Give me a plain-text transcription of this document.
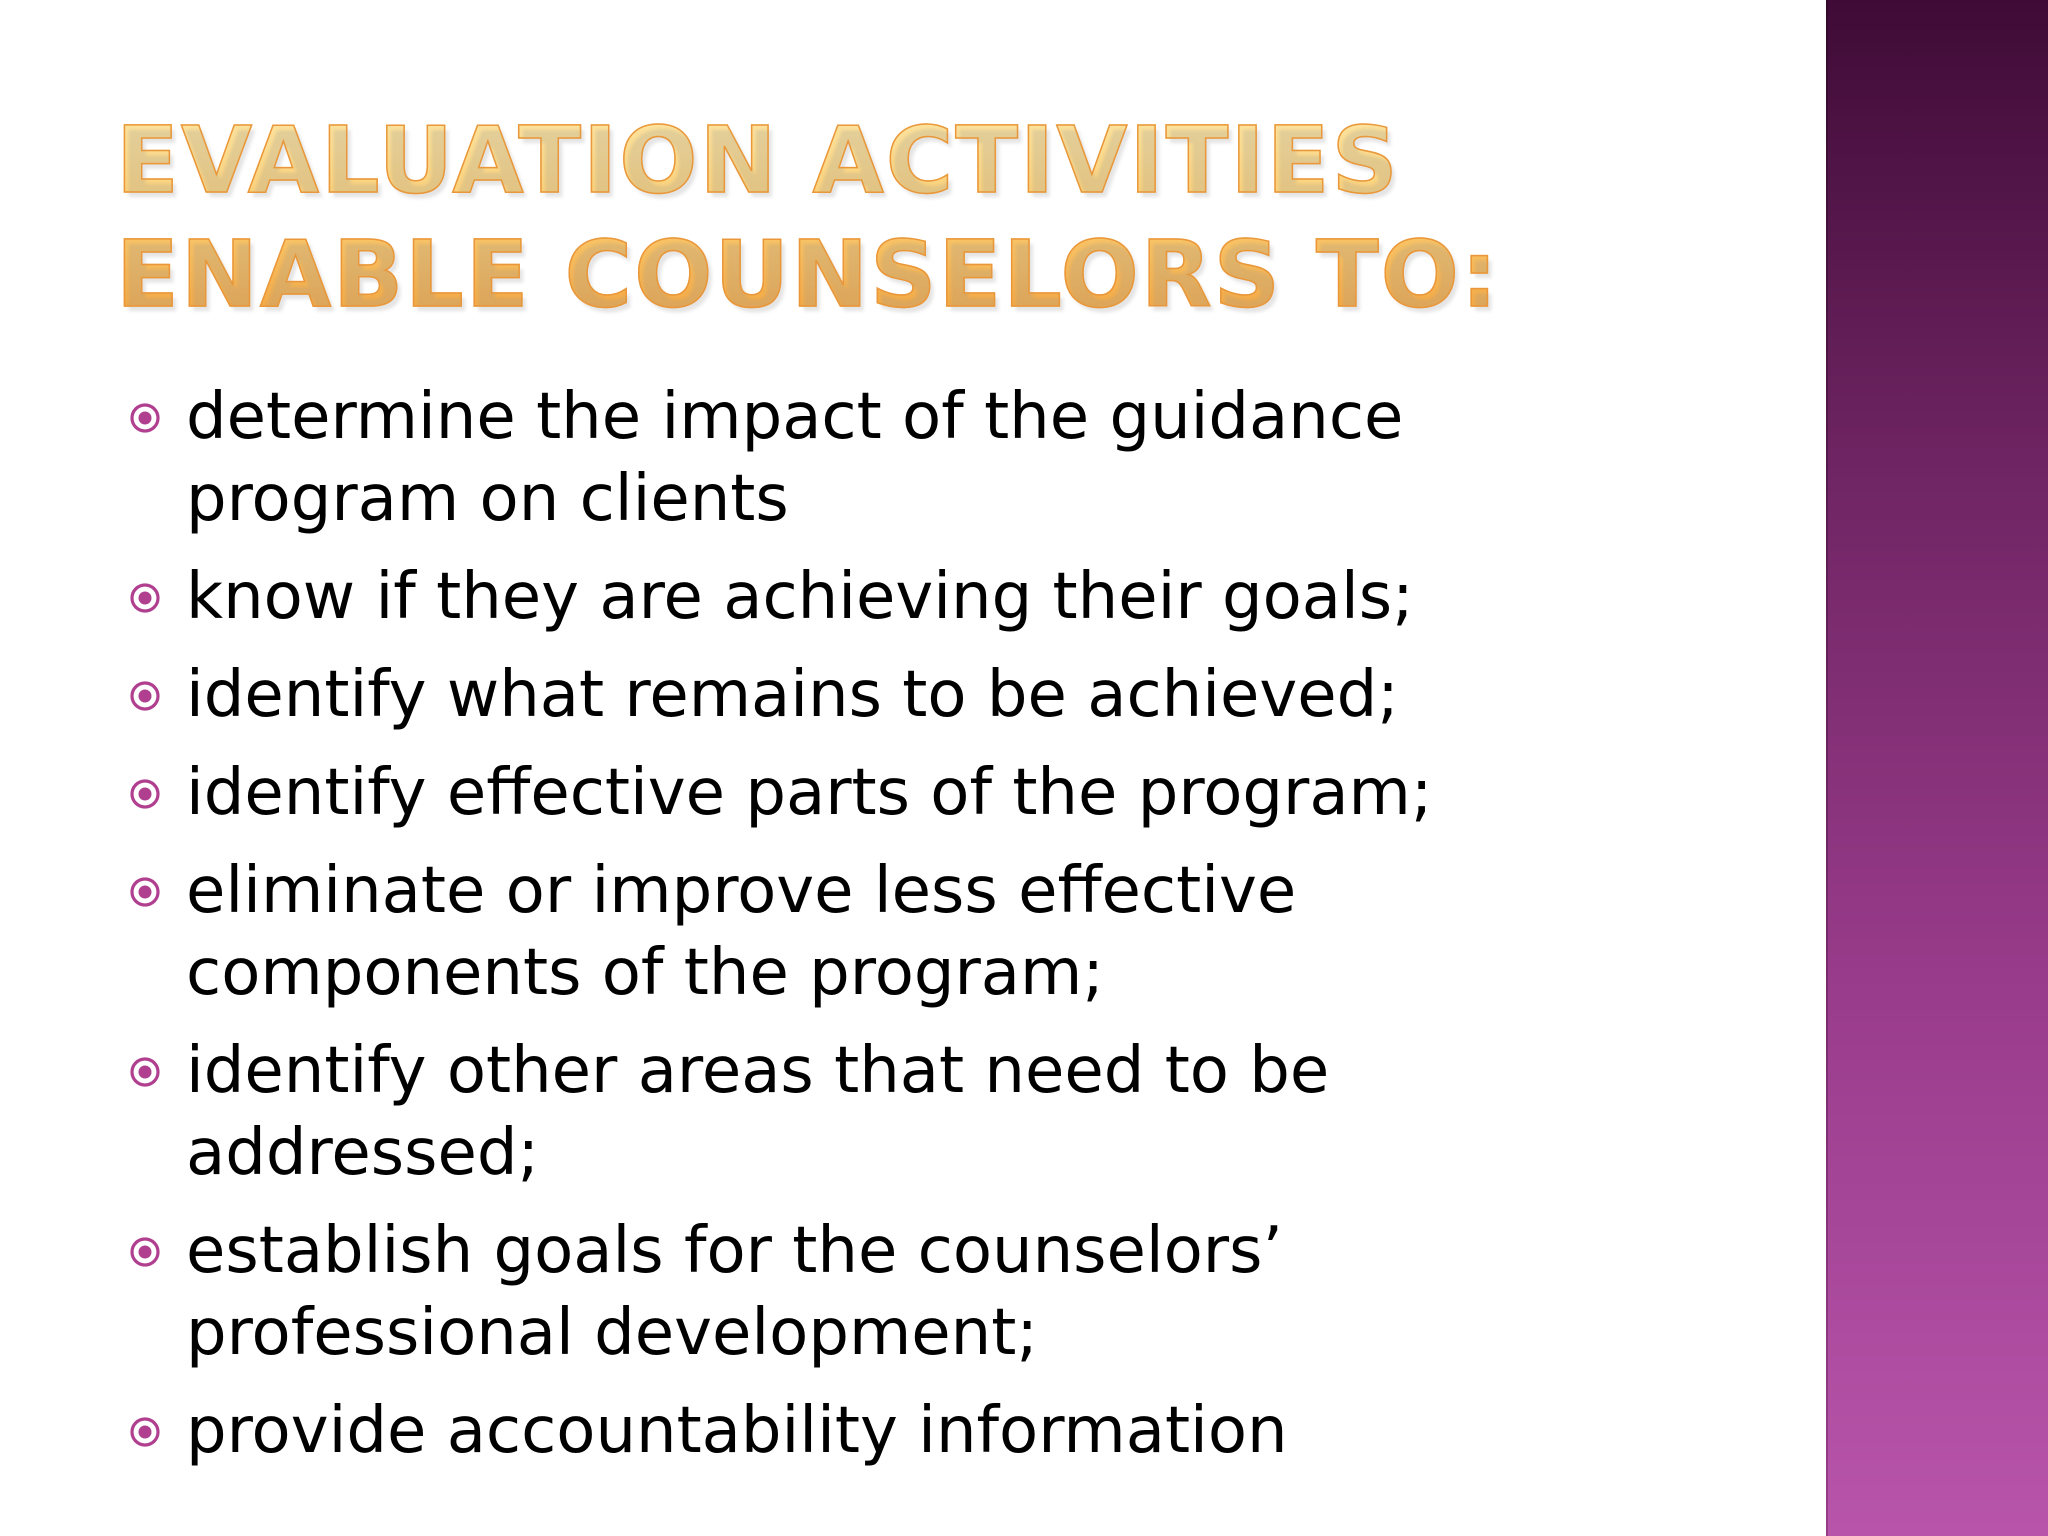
EVALUATION ACTIVITIES ENABLE COUNSELORS TO:
determine the impact of the guidance program on clients
know if they are achieving their goals;
identify what remains to be achieved;
identify effective parts of the program;
eliminate or improve less effective components of the program;
identify other areas that need to be addressed;
establish goals for the counselors’ professional development;
provide accountability information
